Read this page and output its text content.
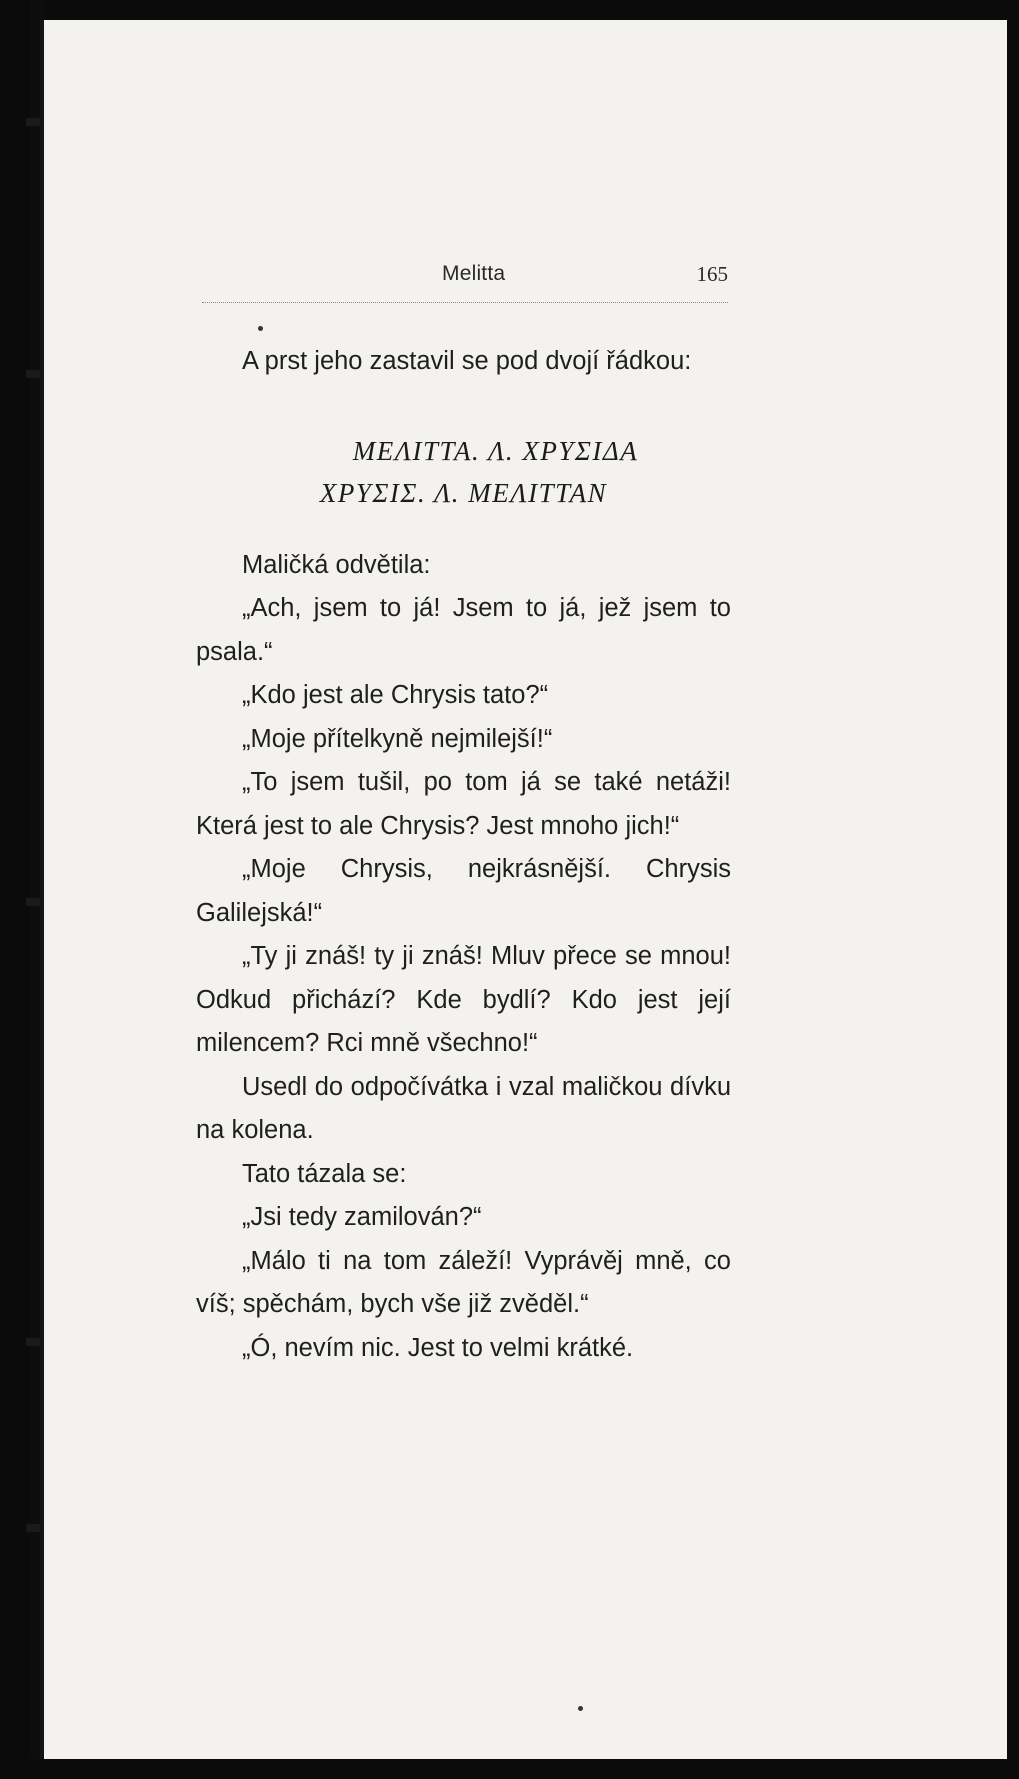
Melitta	165

A prst jeho zastavil se pod dvojí řádkou:

ΜΕΛΙΤΤΑ. Λ. ΧΡΥΣΙΔΑ
ΧΡΥΣΙΣ. Λ. ΜΕΛΙΤΤΑΝ

Maličká odvětila:

„Ach, jsem to já! Jsem to já, jež jsem to psala.“

„Kdo jest ale Chrysis tato?“

„Moje přítelkyně nejmilejší!“

„To jsem tušil, po tom já se také netáži! Která jest to ale Chrysis? Jest mnoho jich!“

„Moje Chrysis, nejkrásnější. Chrysis Galilejská!“

„Ty ji znáš! ty ji znáš! Mluv přece se mnou! Odkud přichází? Kde bydlí? Kdo jest její milencem? Rci mně všechno!“

Usedl do odpočívátka i vzal maličkou dívku na kolena.

Tato tázala se:

„Jsi tedy zamilován?“

„Málo ti na tom záleží! Vyprávěj mně, co víš; spěchám, bych vše již zvěděl.“

„Ó, nevím nic. Jest to velmi krátké.
